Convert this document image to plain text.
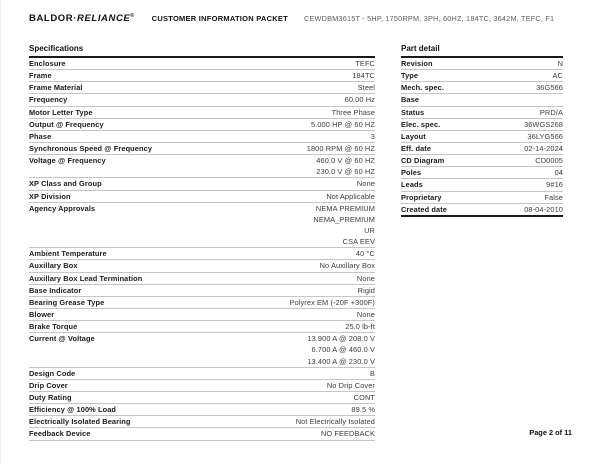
BALDOR·RELIANCE® CUSTOMER INFORMATION PACKET CEWDBM3615T - 5HP, 1750RPM, 3PH, 60HZ, 184TC, 3642M, TEFC, F1
Specifications
Enclosure	TEFC
Frame	184TC
Frame Material	Steel
Frequency	60.00 Hz
Motor Letter Type	Three Phase
Output @ Frequency	5.000 HP @ 60 HZ
Phase	3
Synchronous Speed @ Frequency	1800 RPM @ 60 HZ
Voltage @ Frequency	460.0 V @ 60 HZ
230.0 V @ 60 HZ
XP Class and Group	None
XP Division	Not Applicable
Agency Approvals	NEMA PREMIUM
NEMA_PREMIUM
UR
CSA EEV
Ambient Temperature	40 °C
Auxillary Box	No Auxillary Box
Auxillary Box Lead Termination	None
Base Indicator	Rigid
Bearing Grease Type	Polyrex EM (-20F +300F)
Blower	None
Brake Torque	25.0 lb-ft
Current @ Voltage	13.900 A @ 208.0 V
6.700 A @ 460.0 V
13.400 A @ 230.0 V
Design Code	B
Drip Cover	No Drip Cover
Duty Rating	CONT
Efficiency @ 100% Load	89.5 %
Electrically Isolated Bearing	Not Electrically Isolated
Feedback Device	NO FEEDBACK
Part detail
Revision	N
Type	AC
Mech. spec.	36G566
Base
Status	PRD/A
Elec. spec.	36WGS268
Layout	36LYG566
Eff. date	02-14-2024
CD Diagram	CD0005
Poles	04
Leads	9#16
Proprietary	False
Created date	08-04-2010
Page 2 of 11
